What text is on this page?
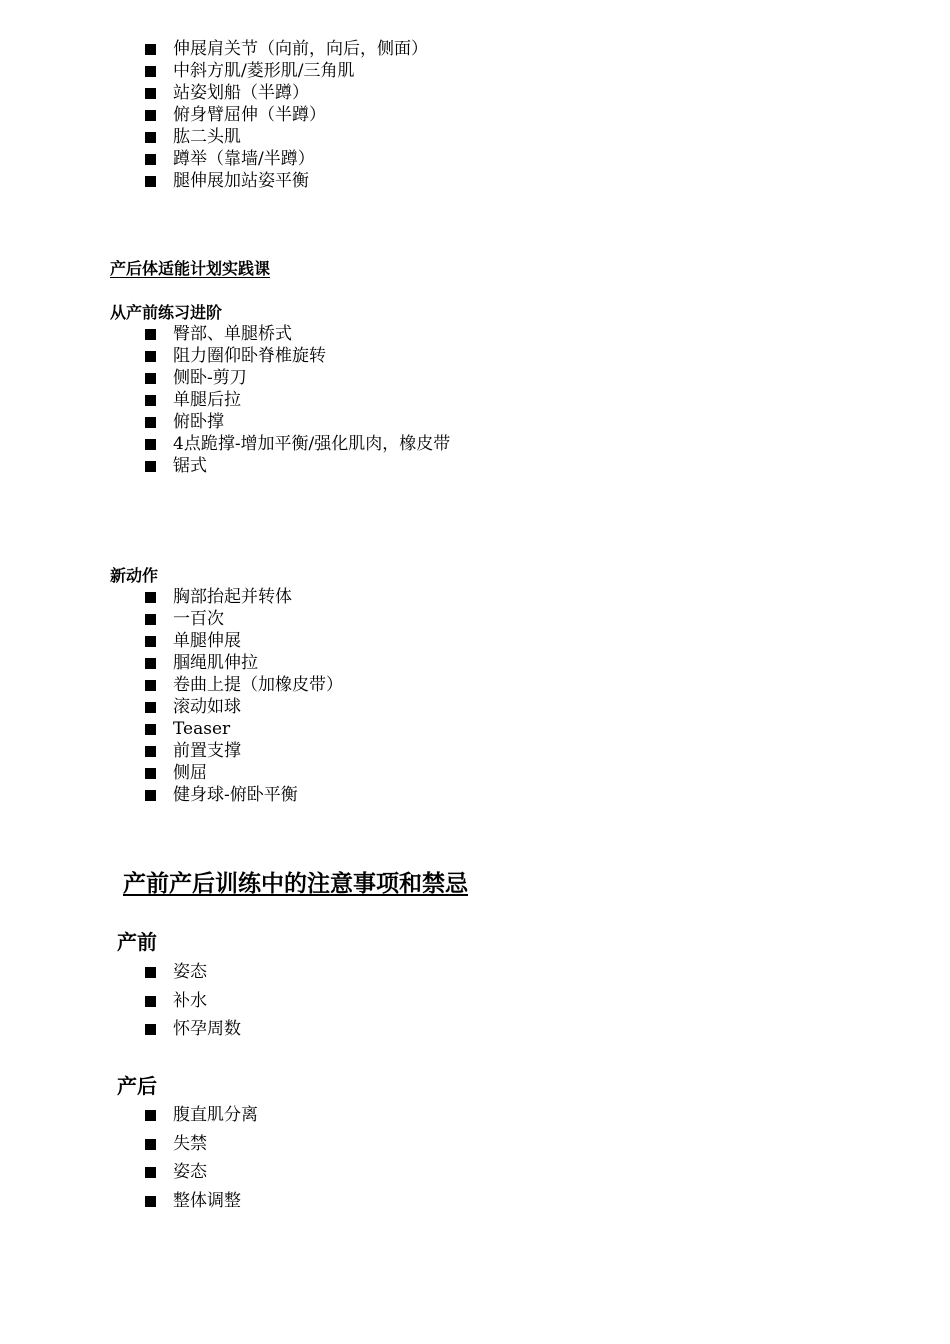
伸展肩关节（向前，向后，侧面）
中斜方肌/菱形肌/三角肌
站姿划船（半蹲）
俯身臂屈伸（半蹲）
肱二头肌
蹲举（靠墙/半蹲）
腿伸展加站姿平衡
产后体适能计划实践课
从产前练习进阶
臀部、单腿桥式
阻力圈仰卧脊椎旋转
侧卧-剪刀
单腿后拉
俯卧撑
4点跪撑-增加平衡/强化肌肉，橡皮带
锯式
新动作
胸部抬起并转体
一百次
单腿伸展
腘绳肌伸拉
卷曲上提（加橡皮带）
滚动如球
Teaser
前置支撑
侧屈
健身球-俯卧平衡
产前产后训练中的注意事项和禁忌
产前
姿态
补水
怀孕周数
产后
腹直肌分离
失禁
姿态
整体调整
